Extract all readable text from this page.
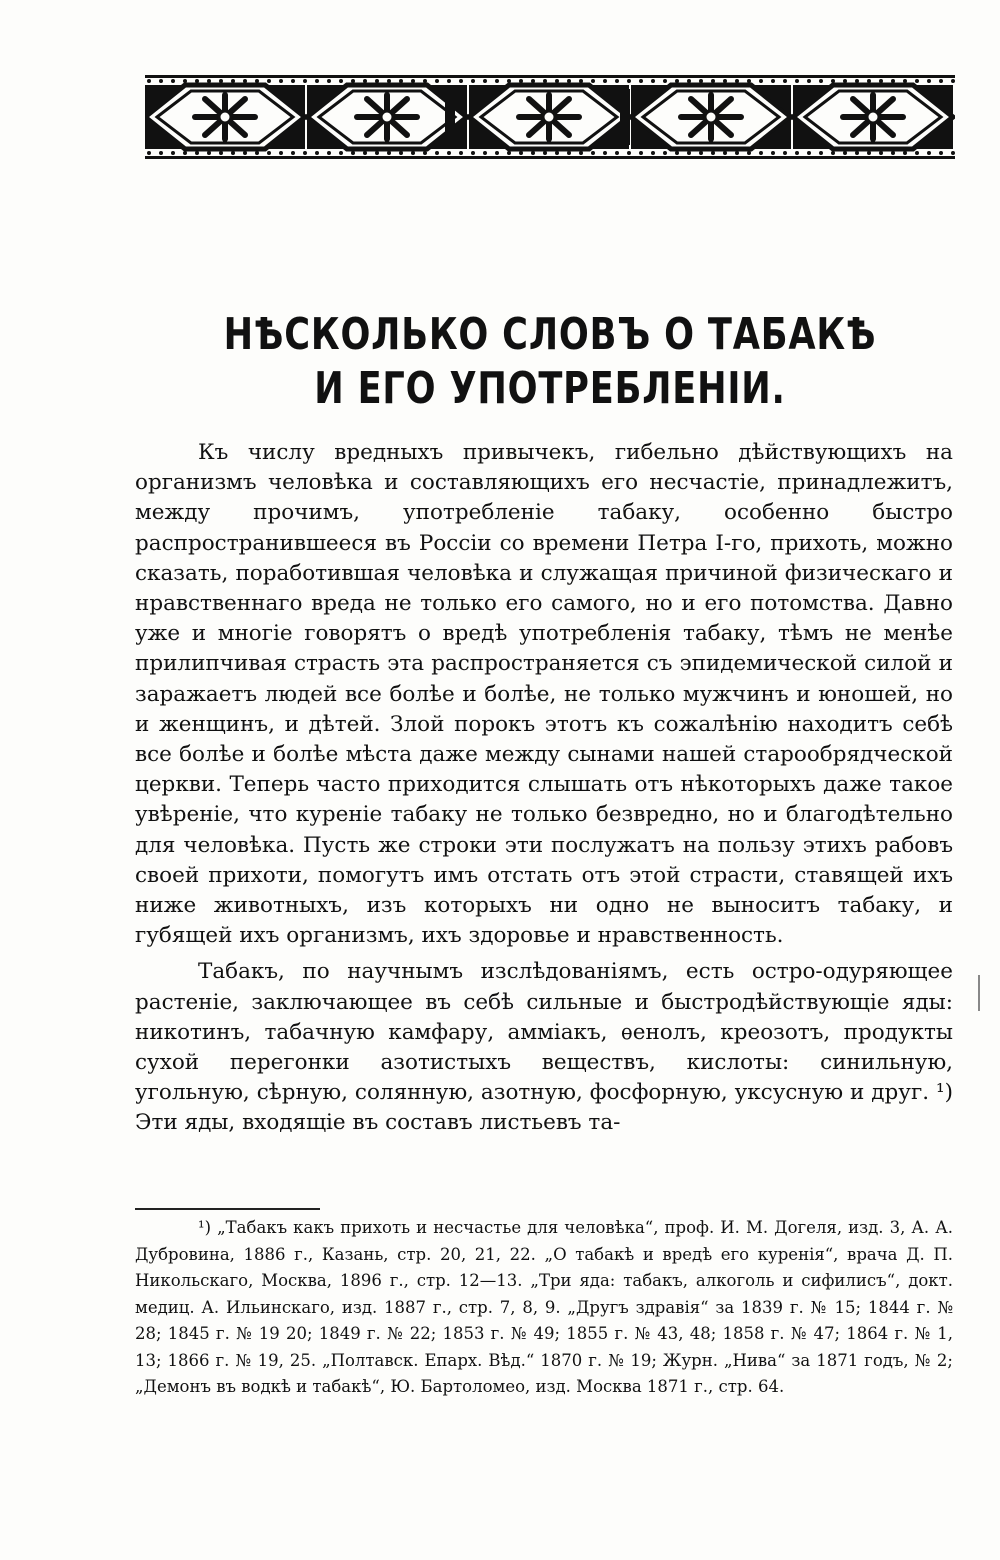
НѢСКОЛЬКО СЛОВЪ О ТАБАКѢ И ЕГО УПОТРЕБЛЕНIИ.

Къ числу вредныхъ привычекъ, гибельно дѣйствующихъ на организмъ человѣка и составляющихъ его несчастiе, принадлежитъ, между прочимъ, употребленiе табаку, особенно быстро распространившееся въ Россiи со времени Петра I-го, прихоть, можно сказать, поработившая человѣка и служащая причиной физическаго и нравственнаго вреда не только его самого, но и его потомства. Давно уже и многiе говорятъ о вредѣ употребленiя табаку, тѣмъ не менѣе прилипчивая страсть эта распространяется съ эпидемической силой и заражаетъ людей все болѣе и болѣе, не только мужчинъ и юношей, но и женщинъ, и дѣтей. Злой порокъ этотъ къ сожалѣнiю находитъ себѣ все болѣе и болѣе мѣста даже между сынами нашей старообрядческой церкви. Теперь часто приходится слышать отъ нѣкоторыхъ даже такое увѣренiе, что куренiе табаку не только безвредно, но и благодѣтельно для человѣка. Пусть же строки эти послужатъ на пользу этихъ рабовъ своей прихоти, помогутъ имъ отстать отъ этой страсти, ставящей ихъ ниже животныхъ, изъ которыхъ ни одно не выноситъ табаку, и губящей ихъ организмъ, ихъ здоровье и нравственность.

Табакъ, по научнымъ изслѣдованiямъ, есть остро-одуряющее растенiе, заключающее въ себѣ сильные и быстродѣйствующiе яды: никотинъ, табачную камфару, амміакъ, ѳенолъ, креозотъ, продукты сухой перегонки азотистыхъ веществъ, кислоты: синильную, угольную, сѣрную, солянную, азотную, фосфорную, уксусную и друг. ¹) Эти яды, входящiе въ составъ листьевъ та-

¹) „Табакъ какъ прихоть и несчастье для человѣка“, проф. И. М. Догеля, изд. 3, А. А. Дубровина, 1886 г., Казань, стр. 20, 21, 22. „О табакѣ и вредѣ его куренiя“, врача Д. П. Никольскаго, Москва, 1896 г., стр. 12—13. „Три яда: табакъ, алкоголь и сифилисъ“, докт. медиц. А. Ильинскаго, изд. 1887 г., стр. 7, 8, 9. „Другъ здравiя“ за 1839 г. № 15; 1844 г. № 28; 1845 г. № 19 20; 1849 г. № 22; 1853 г. № 49; 1855 г. № 43, 48; 1858 г. № 47; 1864 г. № 1, 13; 1866 г. № 19, 25. „Полтавск. Епарх. Вѣд.“ 1870 г. № 19; Журн. „Нива“ за 1871 годъ, № 2; „Демонъ въ водкѣ и табакѣ“, Ю. Бартоломео, изд. Москва 1871 г., стр. 64.
